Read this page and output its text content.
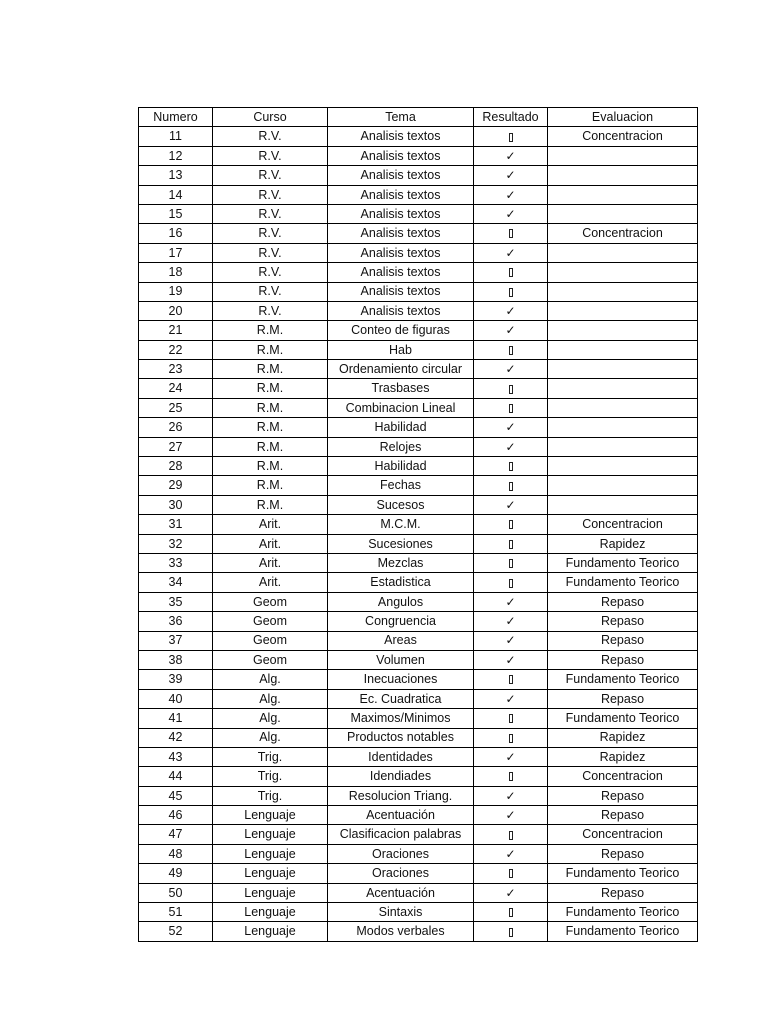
Numero	Curso	Tema	Resultado	Evaluacion
11	R.V.	Analisis textos		Concentracion
12	R.V.	Analisis textos	✓	
13	R.V.	Analisis textos	✓	
14	R.V.	Analisis textos	✓	
15	R.V.	Analisis textos	✓	
16	R.V.	Analisis textos		Concentracion
17	R.V.	Analisis textos	✓	
18	R.V.	Analisis textos		
19	R.V.	Analisis textos		
20	R.V.	Analisis textos	✓	
21	R.M.	Conteo de figuras	✓	
22	R.M.	Hab		
23	R.M.	Ordenamiento circular	✓	
24	R.M.	Trasbases		
25	R.M.	Combinacion Lineal		
26	R.M.	Habilidad	✓	
27	R.M.	Relojes	✓	
28	R.M.	Habilidad		
29	R.M.	Fechas		
30	R.M.	Sucesos	✓	
31	Arit.	M.C.M.		Concentracion
32	Arit.	Sucesiones		Rapidez
33	Arit.	Mezclas		Fundamento Teorico
34	Arit.	Estadistica		Fundamento Teorico
35	Geom	Angulos	✓	Repaso
36	Geom	Congruencia	✓	Repaso
37	Geom	Areas	✓	Repaso
38	Geom	Volumen	✓	Repaso
39	Alg.	Inecuaciones		Fundamento Teorico
40	Alg.	Ec. Cuadratica	✓	Repaso
41	Alg.	Maximos/Minimos		Fundamento Teorico
42	Alg.	Productos notables		Rapidez
43	Trig.	Identidades	✓	Rapidez
44	Trig.	Idendiades		Concentracion
45	Trig.	Resolucion Triang.	✓	Repaso
46	Lenguaje	Acentuación	✓	Repaso
47	Lenguaje	Clasificacion palabras		Concentracion
48	Lenguaje	Oraciones	✓	Repaso
49	Lenguaje	Oraciones		Fundamento Teorico
50	Lenguaje	Acentuación	✓	Repaso
51	Lenguaje	Sintaxis		Fundamento Teorico
52	Lenguaje	Modos verbales		Fundamento Teorico
